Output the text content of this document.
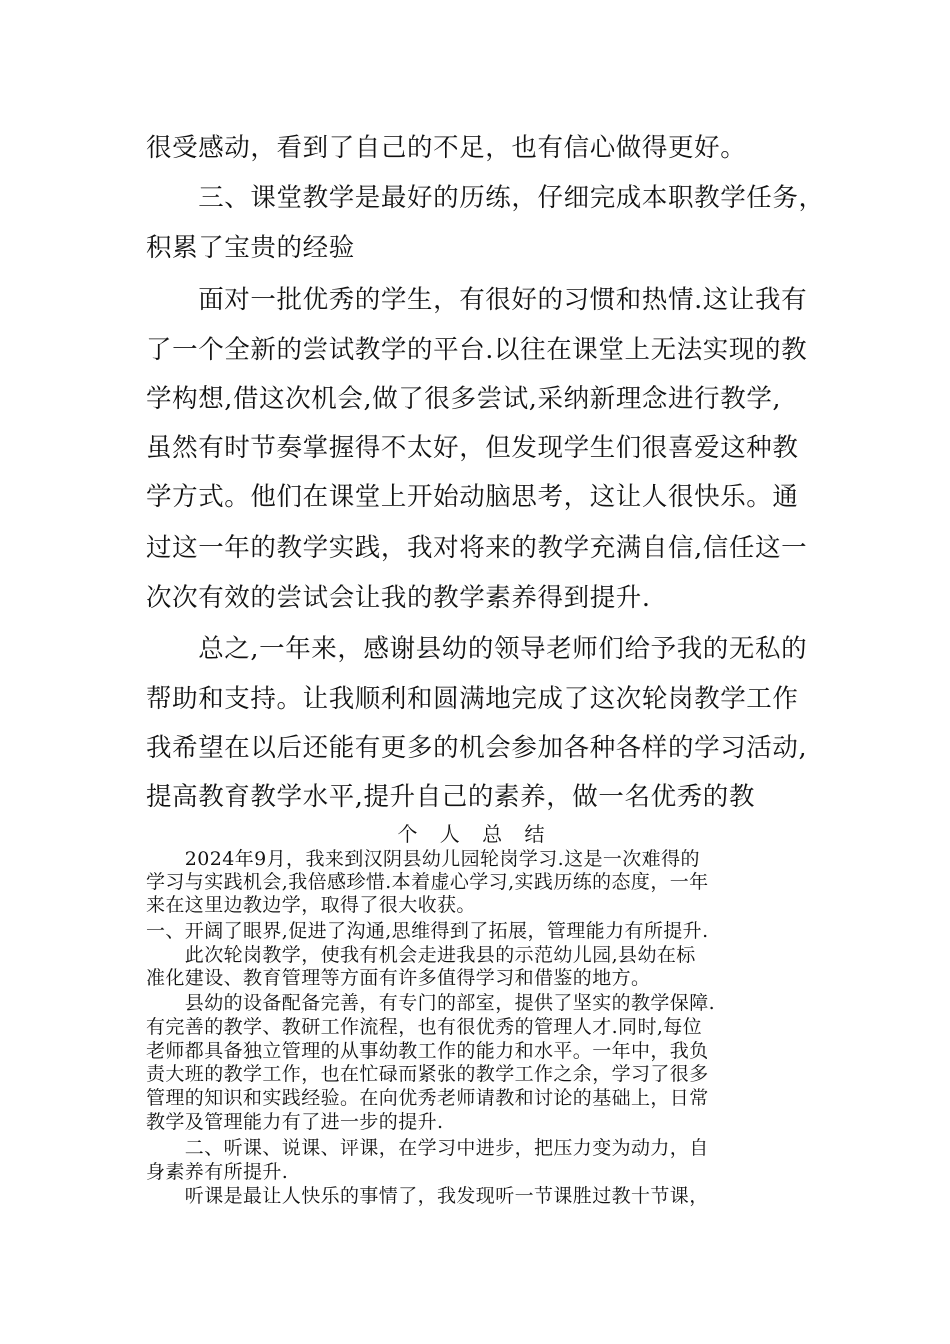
很受感动，看到了自己的不足，也有信心做得更好。
　　三、课堂教学是最好的历练，仔细完成本职教学任务，
积累了宝贵的经验
　　面对一批优秀的学生，有很好的习惯和热情.这让我有
了一个全新的尝试教学的平台.以往在课堂上无法实现的教
学构想,借这次机会,做了很多尝试,采纳新理念进行教学,
虽然有时节奏掌握得不太好，但发现学生们很喜爱这种教
学方式。他们在课堂上开始动脑思考，这让人很快乐。通
过这一年的教学实践，我对将来的教学充满自信,信任这一
次次有效的尝试会让我的教学素养得到提升.
　　总之,一年来，感谢县幼的领导老师们给予我的无私的
帮助和支持。让我顺利和圆满地完成了这次轮岗教学工作
我希望在以后还能有更多的机会参加各种各样的学习活动,
提高教育教学水平,提升自己的素养，做一名优秀的教
个 人 总 结
　　2024年9月，我来到汉阴县幼儿园轮岗学习.这是一次难得的
学习与实践机会,我倍感珍惜.本着虚心学习,实践历练的态度，一年
来在这里边教边学，取得了很大收获。
一、开阔了眼界,促进了沟通,思维得到了拓展，管理能力有所提升.
　　此次轮岗教学，使我有机会走进我县的示范幼儿园,县幼在标
准化建设、教育管理等方面有许多值得学习和借鉴的地方。
　　县幼的设备配备完善，有专门的部室，提供了坚实的教学保障.
有完善的教学、教研工作流程，也有很优秀的管理人才.同时,每位
老师都具备独立管理的从事幼教工作的能力和水平。一年中，我负
责大班的教学工作，也在忙碌而紧张的教学工作之余，学习了很多
管理的知识和实践经验。在向优秀老师请教和讨论的基础上，日常
教学及管理能力有了进一步的提升.
　　二、听课、说课、评课，在学习中进步，把压力变为动力，自
身素养有所提升.
　　听课是最让人快乐的事情了，我发现听一节课胜过教十节课，
